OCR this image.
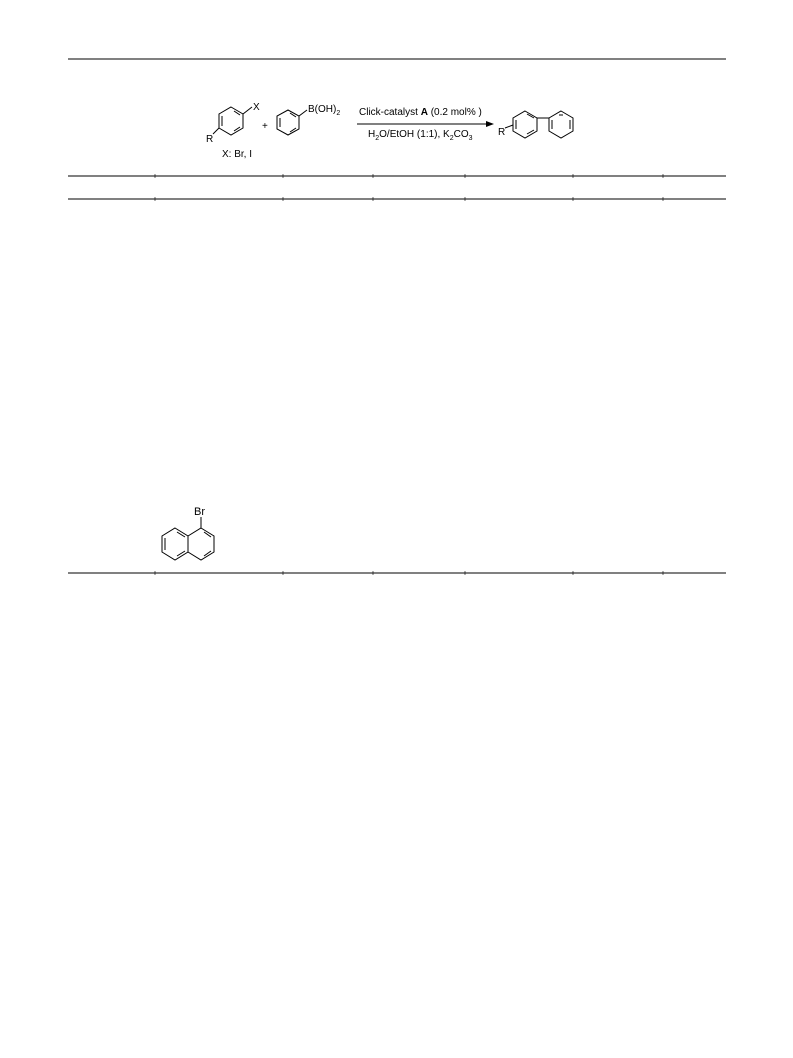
X
R
X: Br, I
+
$B(OH)_2$ Click-catalyst A (0.2 mol% )
$H_2O$/EtOH (1:1), $K_2CO_3$
R
Br
